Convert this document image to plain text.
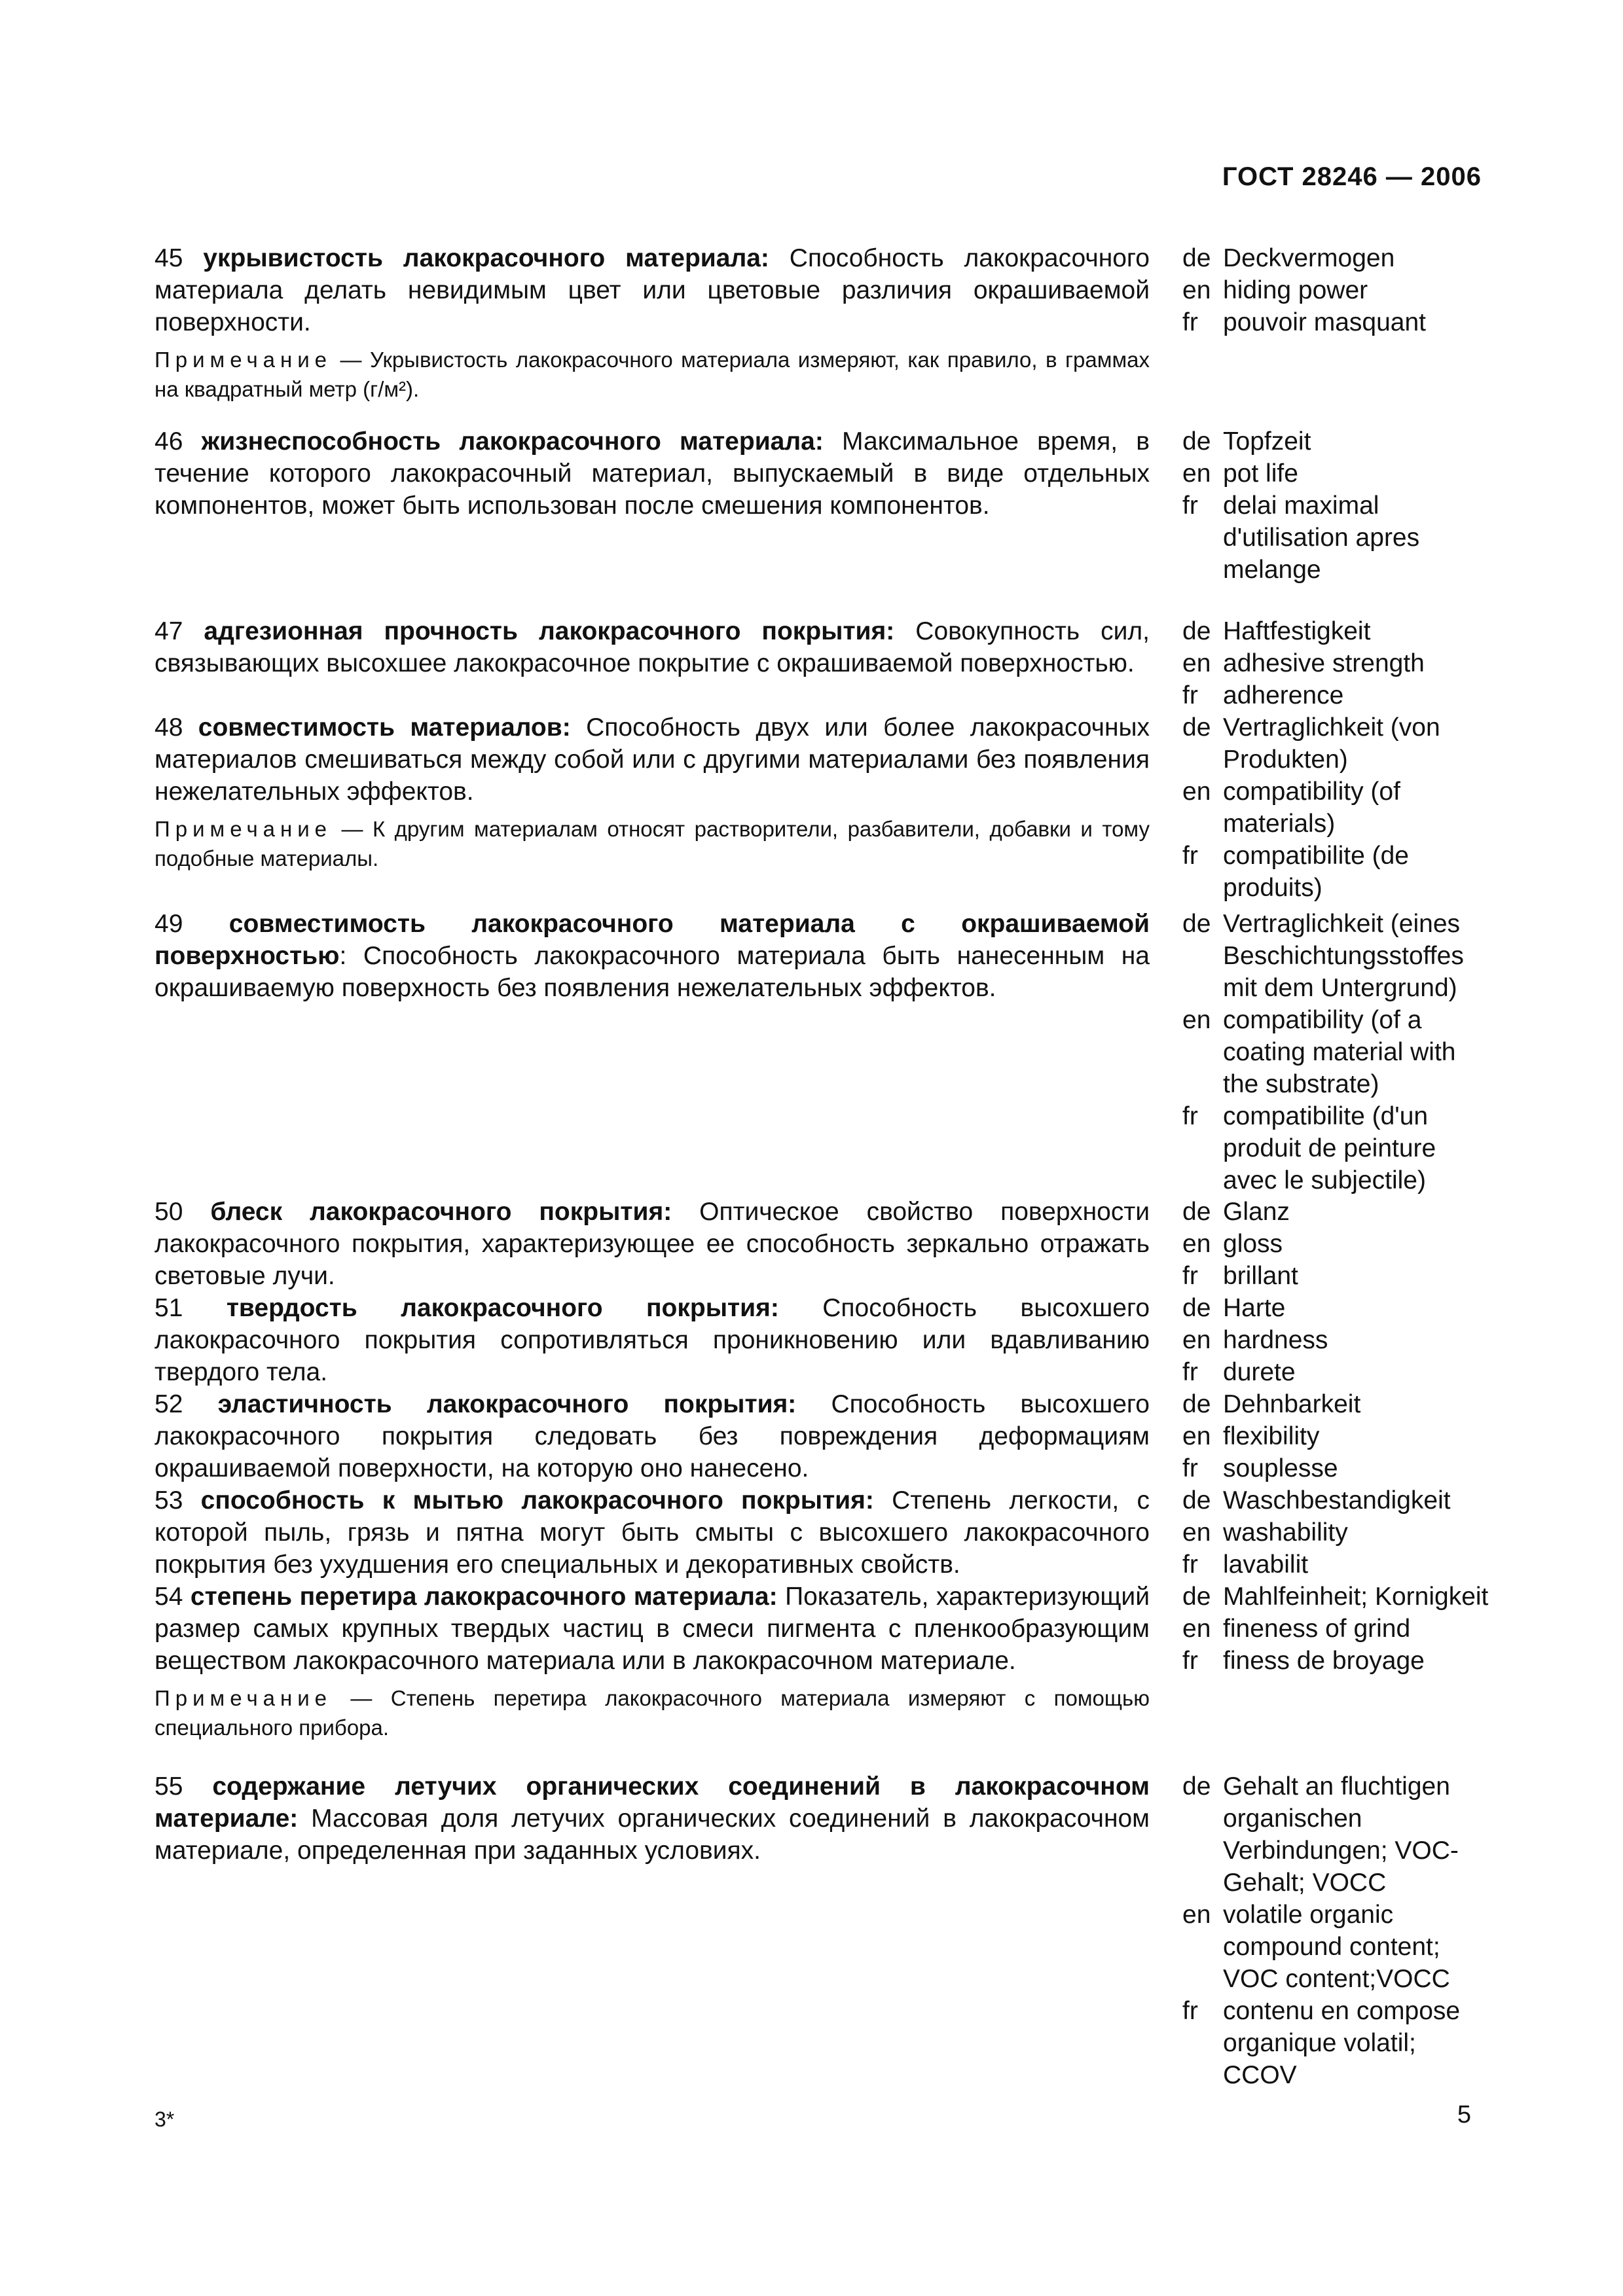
ГОСТ 28246 — 2006
45 укрывистость лакокрасочного материала: Способность лакокрасочного материала делать невидимым цвет или цветовые различия окрашиваемой поверхности.
Примечание — Укрывистость лакокрасочного материала измеряют, как правило, в граммах на квадратный метр (г/м²).
de Deckvermogen
en hiding power
fr pouvoir masquant
46 жизнеспособность лакокрасочного материала: Максимальное время, в течение которого лакокрасочный материал, выпускаемый в виде отдельных компонентов, может быть использован после смешения компонентов.
de Topfzeit
en pot life
fr delai maximal d'utilisation apres melange
47 адгезионная прочность лакокрасочного покрытия: Совокупность сил, связывающих высохшее лакокрасочное покрытие с окрашиваемой поверхностью.
de Haftfestigkeit
en adhesive strength
fr adherence
48 совместимость материалов: Способность двух или более лакокрасочных материалов смешиваться между собой или с другими материалами без появления нежелательных эффектов.
Примечание — К другим материалам относят растворители, разбавители, добавки и тому подобные материалы.
de Vertraglichkeit (von Produkten)
en compatibility (of materials)
fr compatibilite (de produits)
49 совместимость лакокрасочного материала с окрашиваемой поверхностью: Способность лакокрасочного материала быть нанесенным на окрашиваемую поверхность без появления нежелательных эффектов.
de Vertraglichkeit (eines Beschichtungsstoffes mit dem Untergrund)
en compatibility (of a coating material with the substrate)
fr compatibilite (d'un produit de peinture avec le subjectile)
50 блеск лакокрасочного покрытия: Оптическое свойство поверхности лакокрасочного покрытия, характеризующее ее способность зеркально отражать световые лучи.
de Glanz
en gloss
fr brillant
51 твердость лакокрасочного покрытия: Способность высохшего лакокрасочного покрытия сопротивляться проникновению или вдавливанию твердого тела.
de Harte
en hardness
fr durete
52 эластичность лакокрасочного покрытия: Способность высохшего лакокрасочного покрытия следовать без повреждения деформациям окрашиваемой поверхности, на которую оно нанесено.
de Dehnbarkeit
en flexibility
fr souplesse
53 способность к мытью лакокрасочного покрытия: Степень легкости, с которой пыль, грязь и пятна могут быть смыты с высохшего лакокрасочного покрытия без ухудшения его специальных и декоративных свойств.
de Waschbestandigkeit
en washability
fr lavabilit
54 степень перетира лакокрасочного материала: Показатель, характеризующий размер самых крупных твердых частиц в смеси пигмента с пленкообразующим веществом лакокрасочного материала или в лакокрасочном материале.
Примечание — Степень перетира лакокрасочного материала измеряют с помощью специального прибора.
de Mahlfeinheit; Kornigkeit
en fineness of grind
fr finess de broyage
55 содержание летучих органических соединений в лакокрасочном материале: Массовая доля летучих органических соединений в лакокрасочном материале, определенная при заданных условиях.
de Gehalt an fluchtigen organischen Verbindungen; VOC-Gehalt; VOCC
en volatile organic compound content; VOC content;VOCC
fr contenu en compose organique volatil; CCOV
3*	5
